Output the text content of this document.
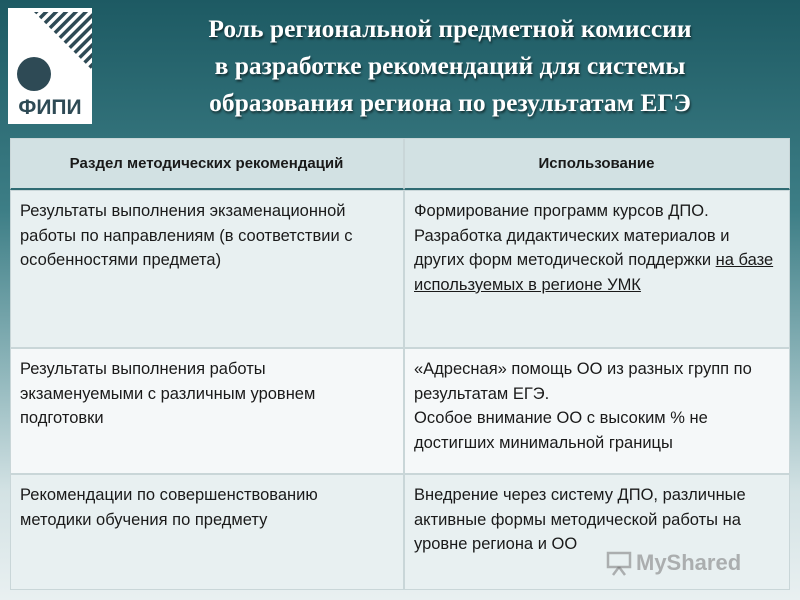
ФИПИ
Роль региональной предметной комиссии
в разработке рекомендаций для системы
образования региона по результатам ЕГЭ
Раздел методических рекомендаций	Использование

Результаты выполнения экзаменационной работы по направлениям (в соответствии с особенностями предмета)

Формирование программ курсов ДПО.

Разработка дидактических материалов и других форм методической поддержки на базе используемых в регионе УМК

Результаты выполнения работы экзаменуемыми с различным уровнем подготовки

«Адресная» помощь ОО из разных групп по результатам ЕГЭ.

Особое внимание ОО с высоким % не достигших минимальной границы

Рекомендации по совершенствованию методики обучения по предмету

Внедрение через систему ДПО, различные активные формы методической работы на уровне региона и ОО

MyShared
